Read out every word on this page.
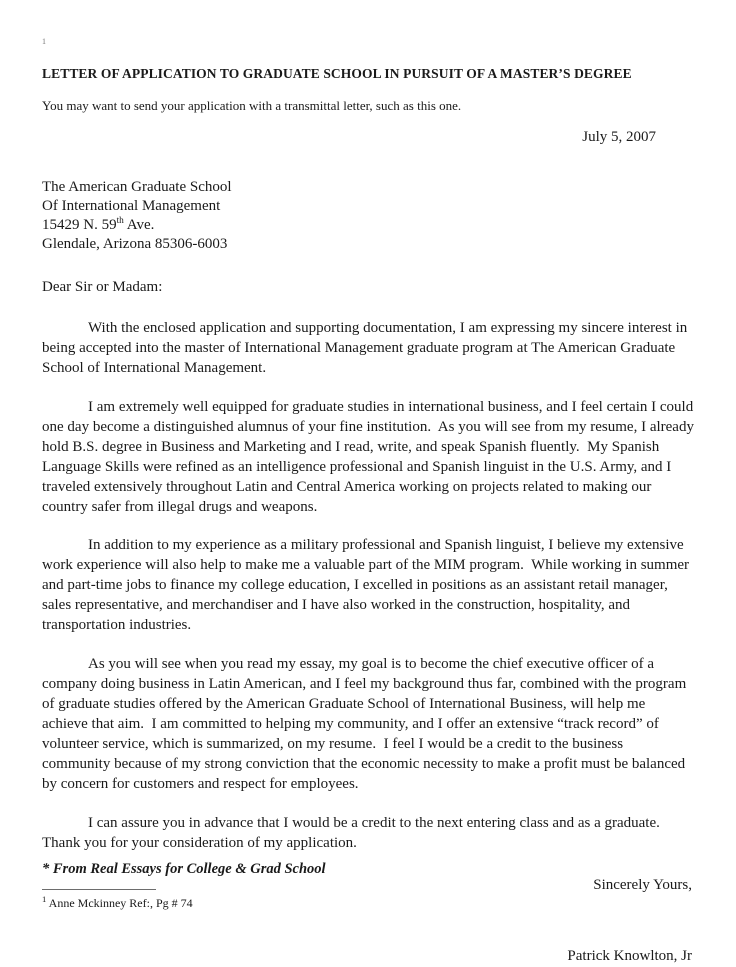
1
LETTER OF APPLICATION TO GRADUATE SCHOOL IN PURSUIT OF A MASTER’S DEGREE

You may want to send your application with a transmittal letter, such as this one.

July 5, 2007

The American Graduate School
Of International Management
15429 N. 59th Ave.
Glendale, Arizona 85306-6003

Dear Sir or Madam:

With the enclosed application and supporting documentation, I am expressing my sincere interest in being accepted into the master of International Management graduate program at The American Graduate School of International Management.

I am extremely well equipped for graduate studies in international business, and I feel certain I could one day become a distinguished alumnus of your fine institution.  As you will see from my resume, I already hold B.S. degree in Business and Marketing and I read, write, and speak Spanish fluently.  My Spanish Language Skills were refined as an intelligence professional and Spanish linguist in the U.S. Army, and I traveled extensively throughout Latin and Central America working on projects related to making our country safer from illegal drugs and weapons.

In addition to my experience as a military professional and Spanish linguist, I believe my extensive work experience will also help to make me a valuable part of the MIM program.  While working in summer and part-time jobs to finance my college education, I excelled in positions as an assistant retail manager, sales representative, and merchandiser and I have also worked in the construction, hospitality, and transportation industries.

As you will see when you read my essay, my goal is to become the chief executive officer of a company doing business in Latin American, and I feel my background thus far, combined with the program of graduate studies offered by the American Graduate School of International Business, will help me achieve that aim.  I am committed to helping my community, and I offer an extensive “track record” of volunteer service, which is summarized, on my resume.  I feel I would be a credit to the business community because of my strong conviction that the economic necessity to make a profit must be balanced by concern for customers and respect for employees.

I can assure you in advance that I would be a credit to the next entering class and as a graduate.  Thank you for your consideration of my application.

Sincerely Yours,

Patrick Knowlton, Jr

* From Real Essays for College & Grad School
$^1$ Anne Mckinney Ref:, Pg # 74
